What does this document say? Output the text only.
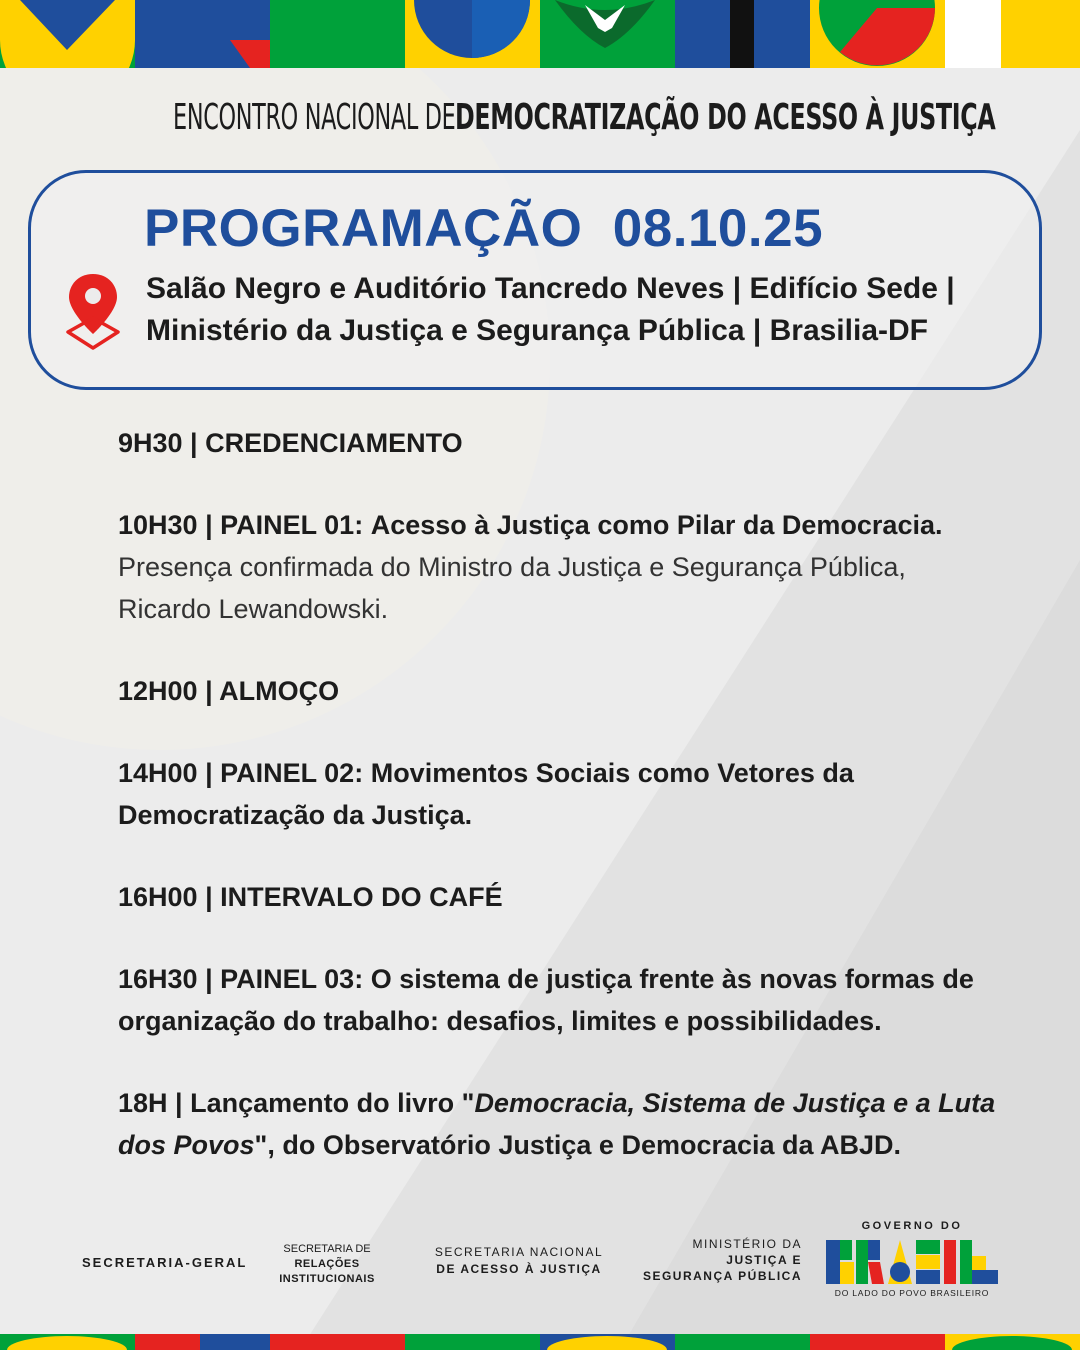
ENCONTRO NACIONAL DEDEMOCRATIZAÇÃO DO ACESSO À JUSTIÇA
PROGRAMAÇÃO  08.10.25
Salão Negro e Auditório Tancredo Neves | Edifício Sede |
Ministério da Justiça e Segurança Pública | Brasilia-DF
9H30 | CREDENCIAMENTO
10H30 | PAINEL 01: Acesso à Justiça como Pilar da Democracia.
Presença confirmada do Ministro da Justiça e Segurança Pública, Ricardo Lewandowski.
12H00 | ALMOÇO
14H00 | PAINEL 02: Movimentos Sociais como Vetores da Democratização da Justiça.
16H00 | INTERVALO DO CAFÉ
16H30 | PAINEL 03: O sistema de justiça frente às novas formas de organização do trabalho: desafios, limites e possibilidades.
18H | Lançamento do livro "Democracia, Sistema de Justiça e a Luta dos Povos", do Observatório Justiça e Democracia da ABJD.
SECRETARIA-GERAL
SECRETARIA DE
RELAÇÕES
INSTITUCIONAIS
SECRETARIA NACIONAL
DE ACESSO À JUSTIÇA
MINISTÉRIO DA
JUSTIÇA E
SEGURANÇA PÚBLICA
GOVERNO DO
BRASIL
DO LADO DO POVO BRASILEIRO
